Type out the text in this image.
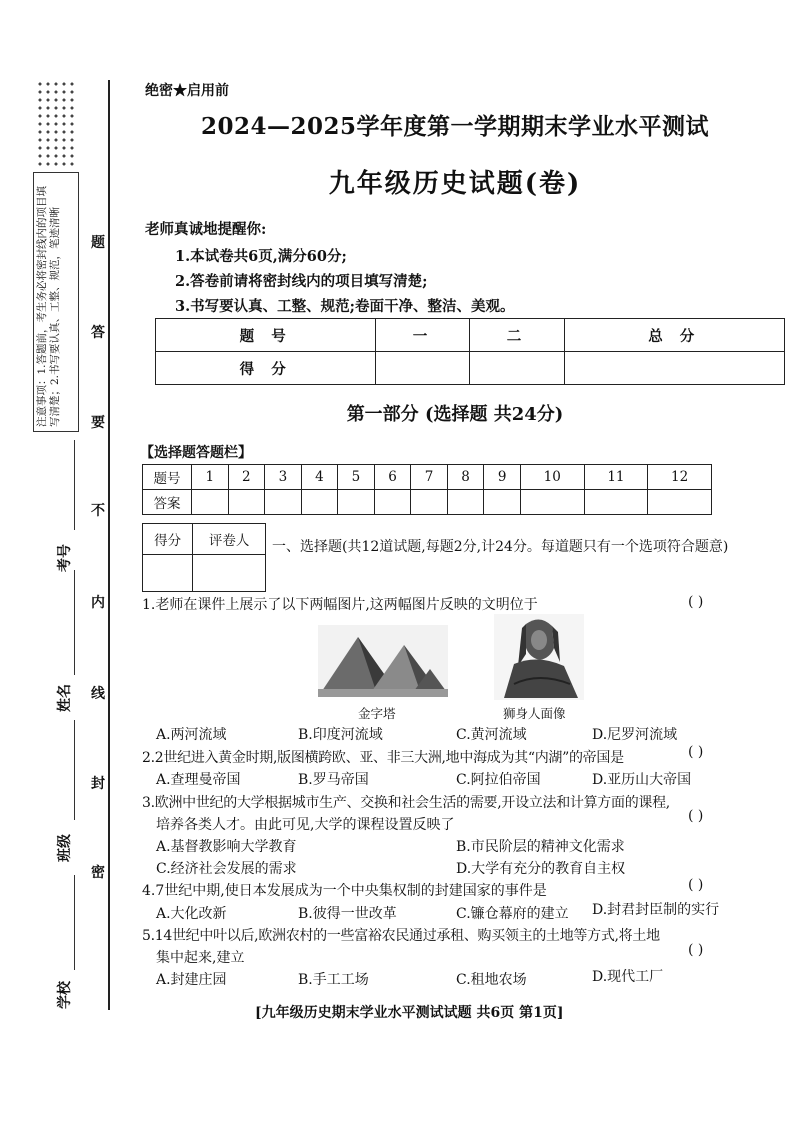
注意事项：1.答题前，考生务必将密封线内的项目填写清楚；2.书写要认真、工整、规范，笔迹清晰	题
答
要
不
内
线
封
密
考号
姓名
班级
学校
绝密★启用前
2024—2025学年度第一学期期末学业水平测试
九年级历史试题(卷)
老师真诚地提醒你:
1.本试卷共6页,满分60分;
2.答卷前请将密封线内的项目填写清楚;
3.书写要认真、工整、规范;卷面干净、整洁、美观。
题 号	一	二	总 分
得 分			
第一部分 (选择题 共24分)
【选择题答题栏】
题号	1	2	3	4	5	6	7	8	9	10	11	12
答案												
得分	评卷人
	一、选择题(共12道试题,每题2分,计24分。每道题只有一个选项符合题意)
1.老师在课件上展示了以下两幅图片,这两幅图片反映的文明位于	( )
金字塔	狮身人面像
A.两河流域	B.印度河流域	C.黄河流域	D.尼罗河流域
2.2世纪进入黄金时期,版图横跨欧、亚、非三大洲,地中海成为其“内湖”的帝国是	( )
A.查理曼帝国	B.罗马帝国	C.阿拉伯帝国	D.亚历山大帝国
3.欧洲中世纪的大学根据城市生产、交换和社会生活的需要,开设立法和计算方面的课程,
培养各类人才。由此可见,大学的课程设置反映了
( )
A.基督教影响大学教育	B.市民阶层的精神文化需求
C.经济社会发展的需求	D.大学有充分的教育自主权
4.7世纪中期,使日本发展成为一个中央集权制的封建国家的事件是	( )
A.大化改新	B.彼得一世改革	C.镰仓幕府的建立 D.封君封臣制的实行
5.14世纪中叶以后,欧洲农村的一些富裕农民通过承租、购买领主的土地等方式,将土地
集中起来,建立	( )
A.封建庄园	B.手工工场	C.租地农场	D.现代工厂
[九年级历史期末学业水平测试试题 共6页 第1页]
